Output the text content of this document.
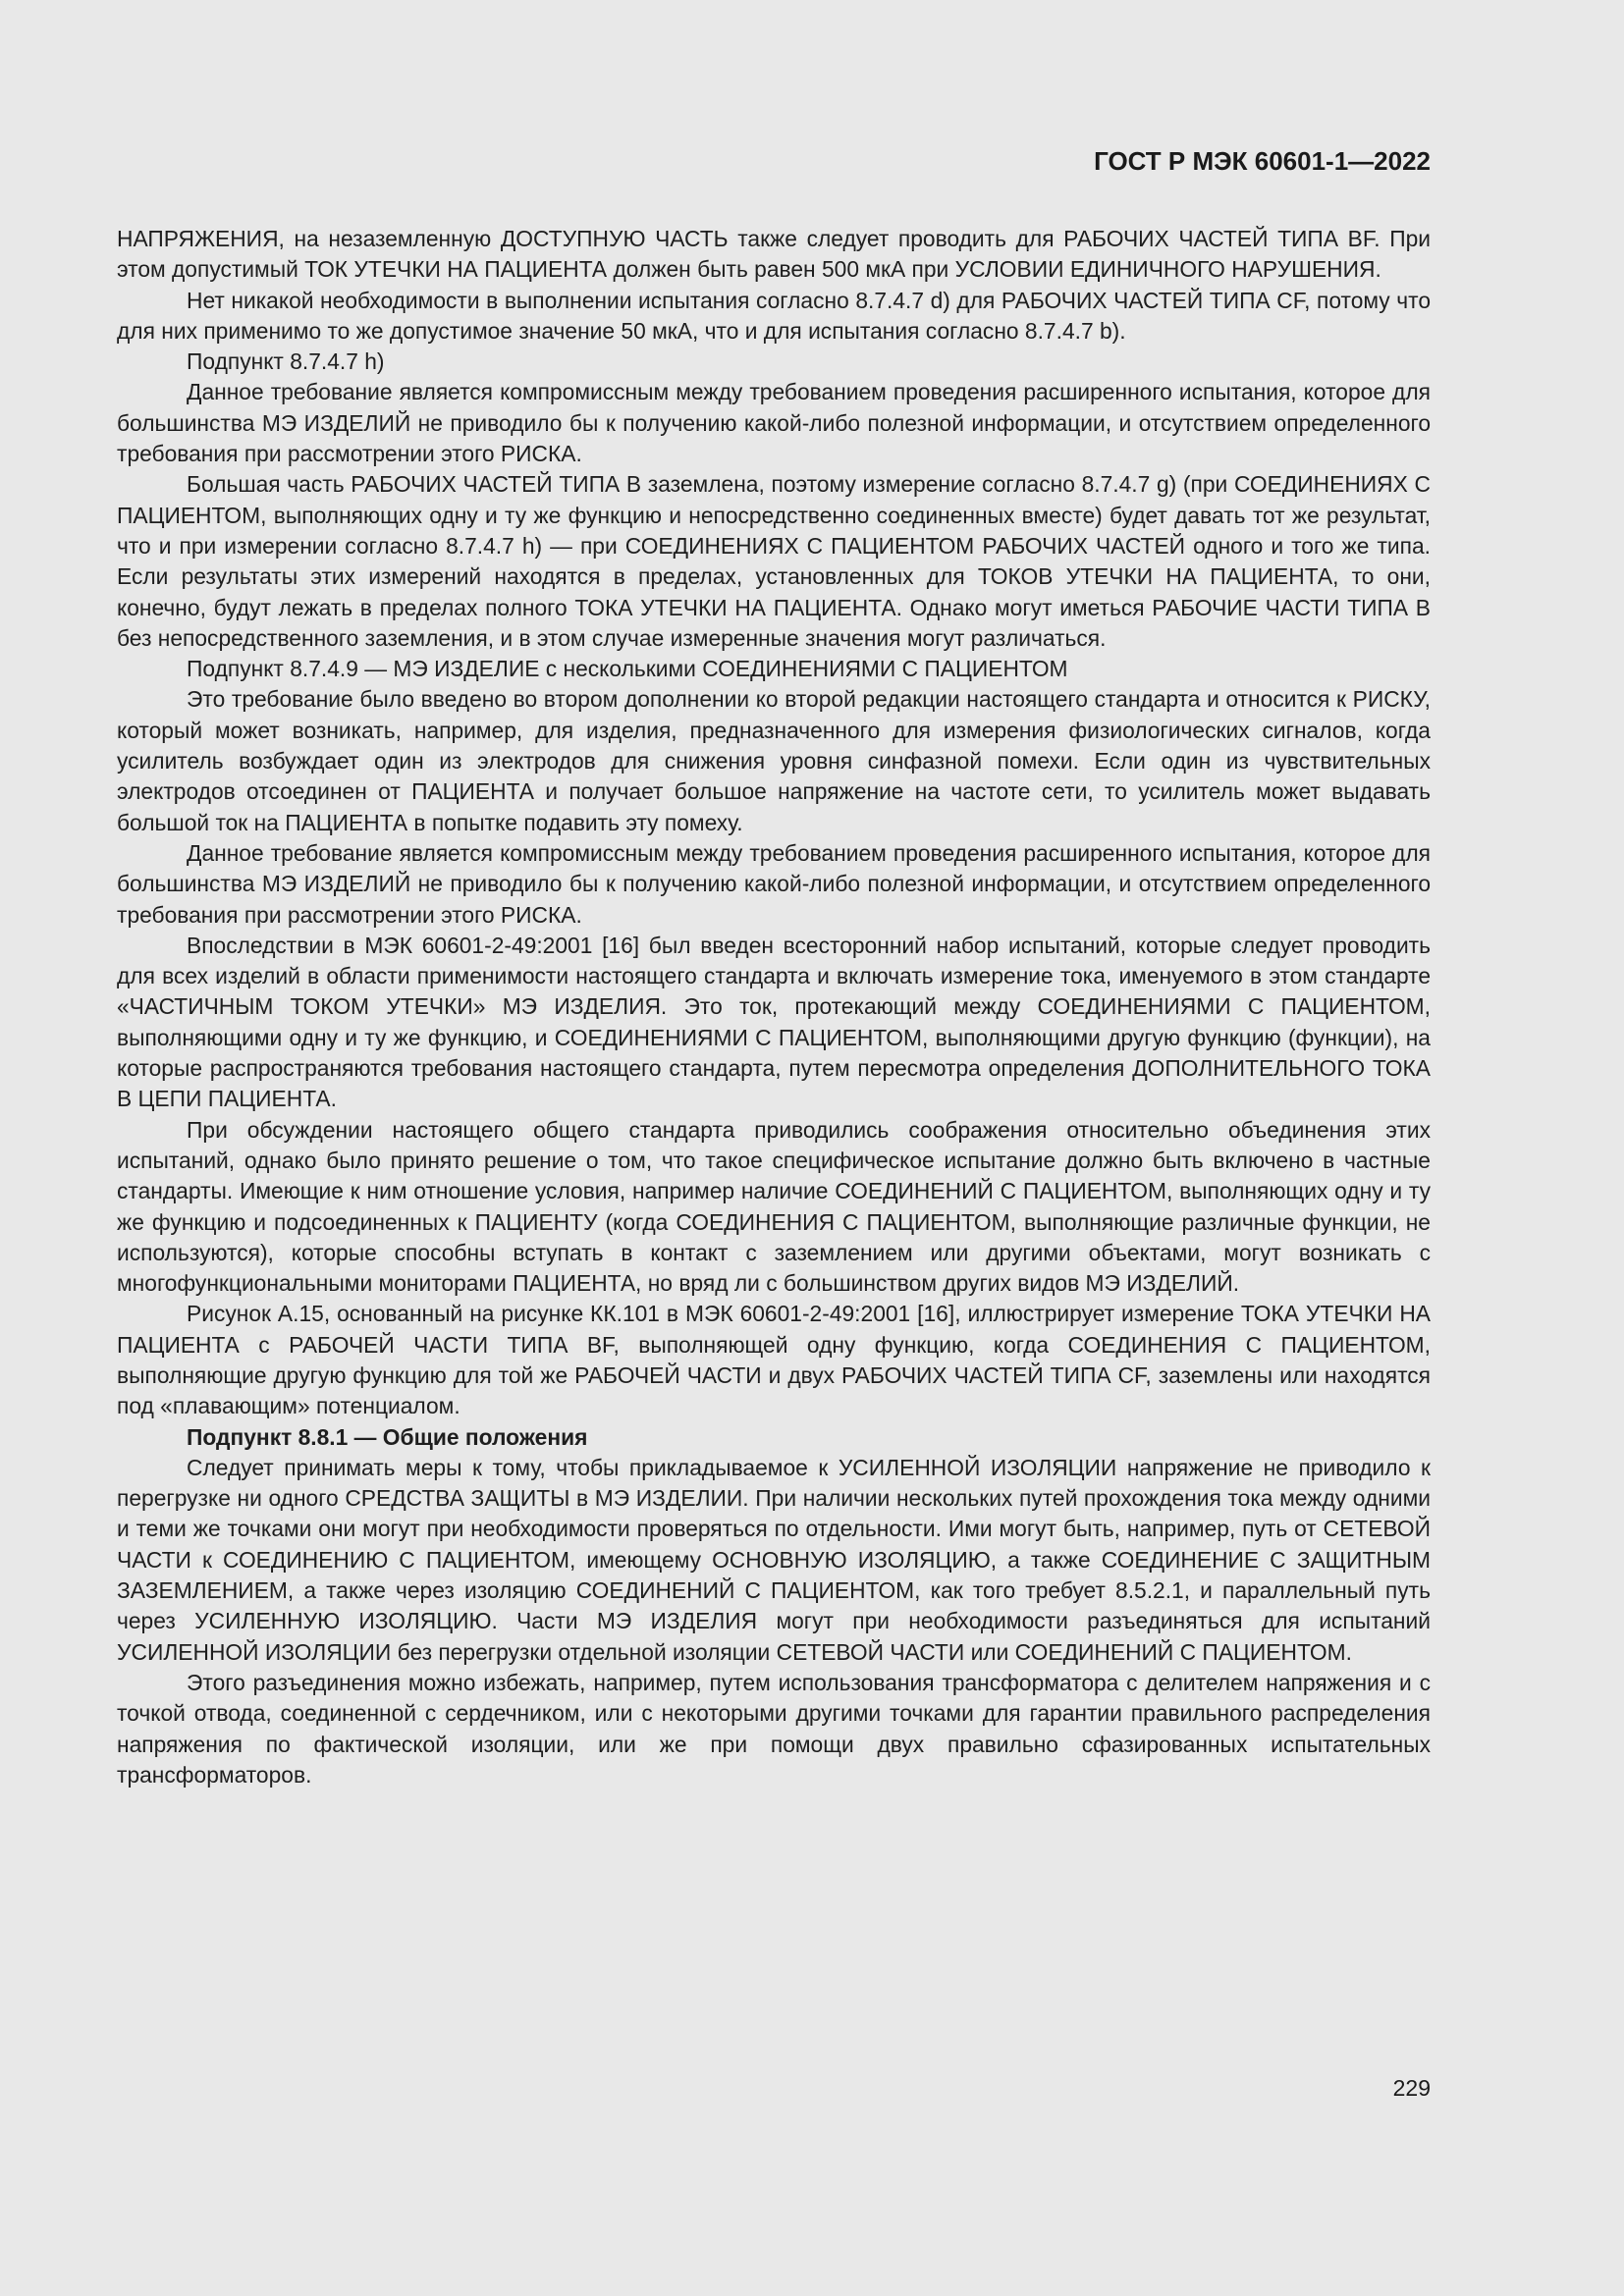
ГОСТ Р МЭК 60601-1—2022

НАПРЯЖЕНИЯ, на незаземленную ДОСТУПНУЮ ЧАСТЬ также следует проводить для РАБОЧИХ ЧАСТЕЙ ТИПА BF. При этом допустимый ТОК УТЕЧКИ НА ПАЦИЕНТА должен быть равен 500 мкА при УСЛОВИИ ЕДИНИЧНОГО НАРУШЕНИЯ.

Нет никакой необходимости в выполнении испытания согласно 8.7.4.7 d) для РАБОЧИХ ЧАСТЕЙ ТИПА CF, потому что для них применимо то же допустимое значение 50 мкА, что и для испытания согласно 8.7.4.7 b).

Подпункт 8.7.4.7 h)

Данное требование является компромиссным между требованием проведения расширенного испытания, которое для большинства МЭ ИЗДЕЛИЙ не приводило бы к получению какой-либо полезной информации, и отсутствием определенного требования при рассмотрении этого РИСКА.

Большая часть РАБОЧИХ ЧАСТЕЙ ТИПА В заземлена, поэтому измерение согласно 8.7.4.7 g) (при СОЕДИНЕНИЯХ С ПАЦИЕНТОМ, выполняющих одну и ту же функцию и непосредственно соединенных вместе) будет давать тот же результат, что и при измерении согласно 8.7.4.7 h) — при СОЕДИНЕНИЯХ С ПАЦИЕНТОМ РАБОЧИХ ЧАСТЕЙ одного и того же типа. Если результаты этих измерений находятся в пределах, установленных для ТОКОВ УТЕЧКИ НА ПАЦИЕНТА, то они, конечно, будут лежать в пределах полного ТОКА УТЕЧКИ НА ПАЦИЕНТА. Однако могут иметься РАБОЧИЕ ЧАСТИ ТИПА В без непосредственного заземления, и в этом случае измеренные значения могут различаться.

Подпункт 8.7.4.9 — МЭ ИЗДЕЛИЕ с несколькими СОЕДИНЕНИЯМИ С ПАЦИЕНТОМ

Это требование было введено во втором дополнении ко второй редакции настоящего стандарта и относится к РИСКУ, который может возникать, например, для изделия, предназначенного для измерения физиологических сигналов, когда усилитель возбуждает один из электродов для снижения уровня синфазной помехи. Если один из чувствительных электродов отсоединен от ПАЦИЕНТА и получает большое напряжение на частоте сети, то усилитель может выдавать большой ток на ПАЦИЕНТА в попытке подавить эту помеху.

Данное требование является компромиссным между требованием проведения расширенного испытания, которое для большинства МЭ ИЗДЕЛИЙ не приводило бы к получению какой-либо полезной информации, и отсутствием определенного требования при рассмотрении этого РИСКА.

Впоследствии в МЭК 60601-2-49:2001 [16] был введен всесторонний набор испытаний, которые следует проводить для всех изделий в области применимости настоящего стандарта и включать измерение тока, именуемого в этом стандарте «ЧАСТИЧНЫМ ТОКОМ УТЕЧКИ» МЭ ИЗДЕЛИЯ. Это ток, протекающий между СОЕДИНЕНИЯМИ С ПАЦИЕНТОМ, выполняющими одну и ту же функцию, и СОЕДИНЕНИЯМИ С ПАЦИЕНТОМ, выполняющими другую функцию (функции), на которые распространяются требования настоящего стандарта, путем пересмотра определения ДОПОЛНИТЕЛЬНОГО ТОКА В ЦЕПИ ПАЦИЕНТА.

При обсуждении настоящего общего стандарта приводились соображения относительно объединения этих испытаний, однако было принято решение о том, что такое специфическое испытание должно быть включено в частные стандарты. Имеющие к ним отношение условия, например наличие СОЕДИНЕНИЙ С ПАЦИЕНТОМ, выполняющих одну и ту же функцию и подсоединенных к ПАЦИЕНТУ (когда СОЕДИНЕНИЯ С ПАЦИЕНТОМ, выполняющие различные функции, не используются), которые способны вступать в контакт с заземлением или другими объектами, могут возникать с многофункциональными мониторами ПАЦИЕНТА, но вряд ли с большинством других видов МЭ ИЗДЕЛИЙ.

Рисунок А.15, основанный на рисунке КК.101 в МЭК 60601-2-49:2001 [16], иллюстрирует измерение ТОКА УТЕЧКИ НА ПАЦИЕНТА с РАБОЧЕЙ ЧАСТИ ТИПА BF, выполняющей одну функцию, когда СОЕДИНЕНИЯ С ПАЦИЕНТОМ, выполняющие другую функцию для той же РАБОЧЕЙ ЧАСТИ и двух РАБОЧИХ ЧАСТЕЙ ТИПА CF, заземлены или находятся под «плавающим» потенциалом.

Подпункт 8.8.1 — Общие положения

Следует принимать меры к тому, чтобы прикладываемое к УСИЛЕННОЙ ИЗОЛЯЦИИ напряжение не приводило к перегрузке ни одного СРЕДСТВА ЗАЩИТЫ в МЭ ИЗДЕЛИИ. При наличии нескольких путей прохождения тока между одними и теми же точками они могут при необходимости проверяться по отдельности. Ими могут быть, например, путь от СЕТЕВОЙ ЧАСТИ к СОЕДИНЕНИЮ С ПАЦИЕНТОМ, имеющему ОСНОВНУЮ ИЗОЛЯЦИЮ, а также СОЕДИНЕНИЕ С ЗАЩИТНЫМ ЗАЗЕМЛЕНИЕМ, а также через изоляцию СОЕДИНЕНИЙ С ПАЦИЕНТОМ, как того требует 8.5.2.1, и параллельный путь через УСИЛЕННУЮ ИЗОЛЯЦИЮ. Части МЭ ИЗДЕЛИЯ могут при необходимости разъединяться для испытаний УСИЛЕННОЙ ИЗОЛЯЦИИ без перегрузки отдельной изоляции СЕТЕВОЙ ЧАСТИ или СОЕДИНЕНИЙ С ПАЦИЕНТОМ.

Этого разъединения можно избежать, например, путем использования трансформатора с делителем напряжения и с точкой отвода, соединенной с сердечником, или с некоторыми другими точками для гарантии правильного распределения напряжения по фактической изоляции, или же при помощи двух правильно сфазированных испытательных трансформаторов.

229
